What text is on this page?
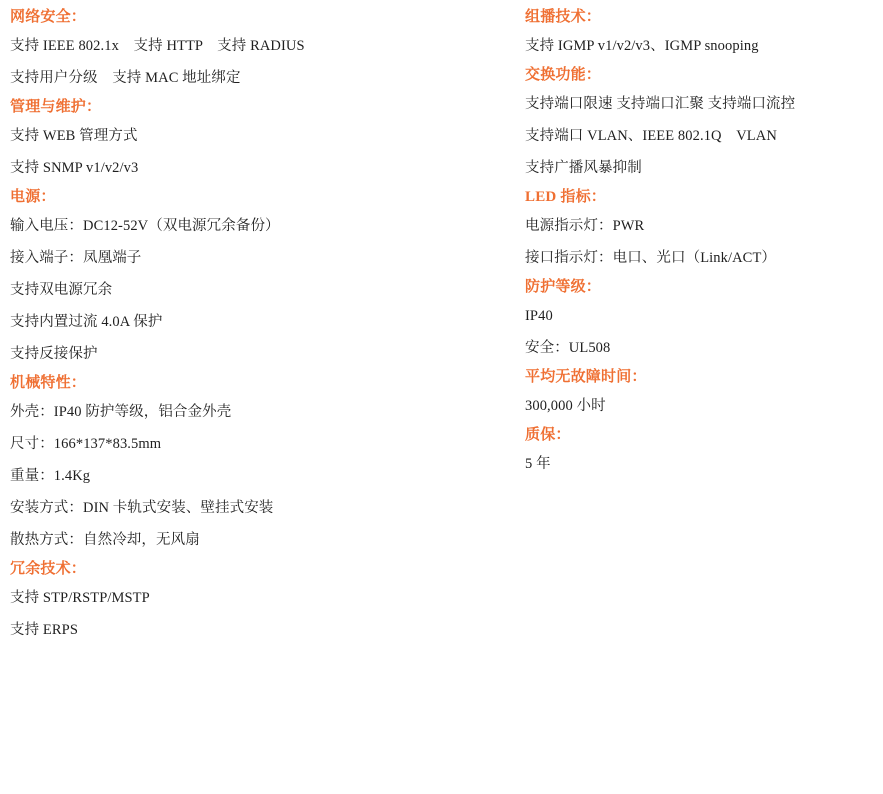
网络安全：
支持 IEEE 802.1x　支持 HTTP　支持 RADIUS
支持用户分级　支持 MAC 地址绑定
管理与维护：
支持 WEB 管理方式
支持 SNMP v1/v2/v3
电源：
输入电压：DC12-52V（双电源冗余备份）
接入端子：凤凰端子
支持双电源冗余
支持内置过流 4.0A 保护
支持反接保护
机械特性：
外壳：IP40 防护等级，铝合金外壳
尺寸：166*137*83.5mm
重量：1.4Kg
安装方式：DIN 卡轨式安装、壁挂式安装
散热方式：自然冷却，无风扇
冗余技术：
支持 STP/RSTP/MSTP
支持 ERPS
组播技术：
支持 IGMP v1/v2/v3、IGMP snooping
交换功能：
支持端口限速 支持端口汇聚 支持端口流控
支持端口 VLAN、IEEE 802.1Q　VLAN
支持广播风暴抑制
LED 指标：
电源指示灯：PWR
接口指示灯：电口、光口（Link/ACT）
防护等级：
IP40
安全：UL508
平均无故障时间：
300,000 小时
质保：
5 年
